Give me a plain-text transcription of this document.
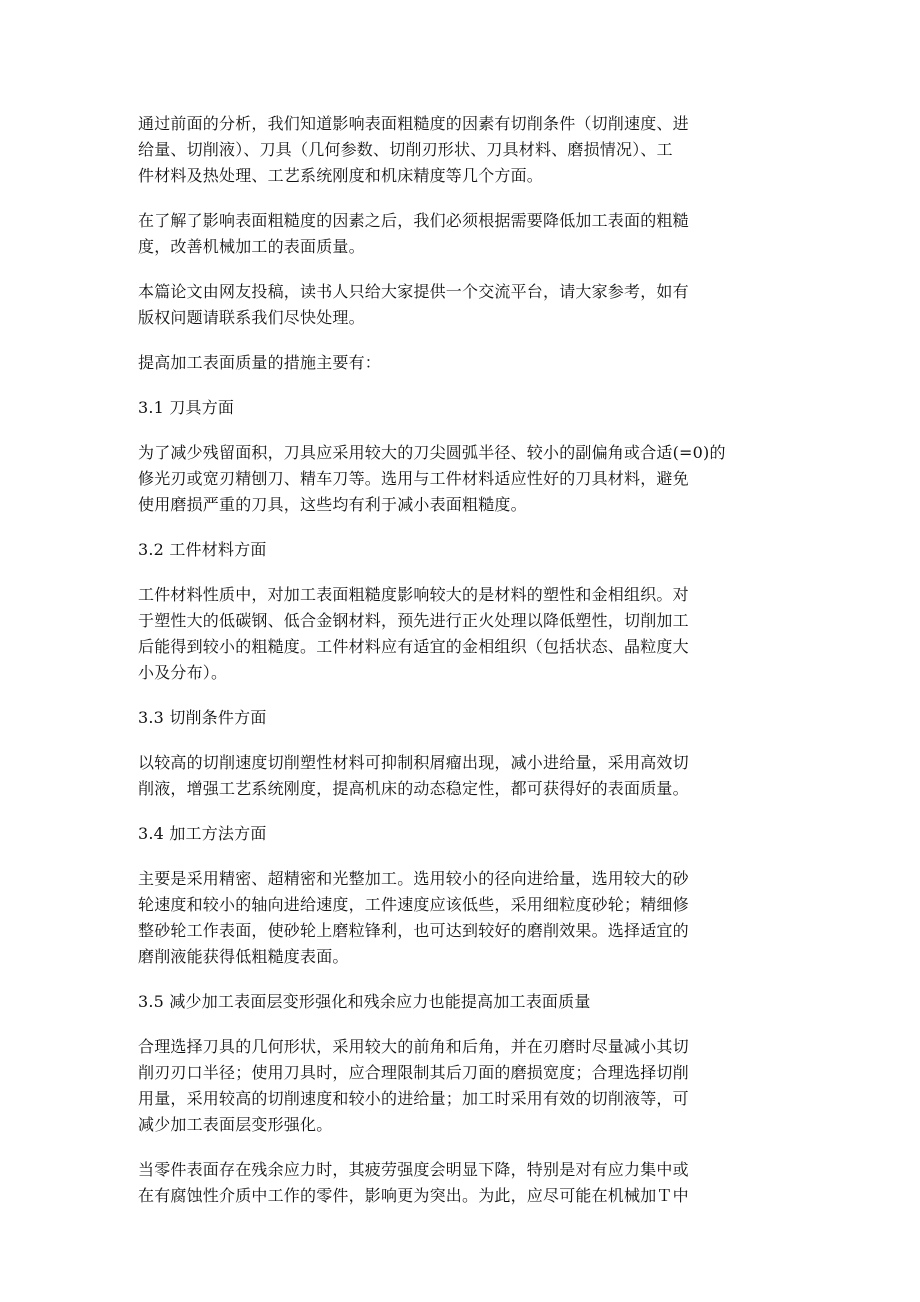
通过前面的分析，我们知道影响表面粗糙度的因素有切削条件（切削速度、进
给量、切削液）、刀具（几何参数、切削刃形状、刀具材料、磨损情况）、工
件材料及热处理、工艺系统刚度和机床精度等几个方面。
在了解了影响表面粗糙度的因素之后，我们必须根据需要降低加工表面的粗糙
度，改善机械加工的表面质量。
本篇论文由网友投稿，读书人只给大家提供一个交流平台，请大家参考，如有
版权问题请联系我们尽快处理。
提高加工表面质量的措施主要有：
3.1 刀具方面
为了减少残留面积，刀具应采用较大的刀尖圆弧半径、较小的副偏角或合适(=0)的
修光刃或宽刃精刨刀、精车刀等。选用与工件材料适应性好的刀具材料，避免
使用磨损严重的刀具，这些均有利于减小表面粗糙度。
3.2 工件材料方面
工件材料性质中，对加工表面粗糙度影响较大的是材料的塑性和金相组织。对
于塑性大的低碳钢、低合金钢材料，预先进行正火处理以降低塑性，切削加工
后能得到较小的粗糙度。工件材料应有适宜的金相组织（包括状态、晶粒度大
小及分布）。
3.3 切削条件方面
以较高的切削速度切削塑性材料可抑制积屑瘤出现，减小进给量，采用高效切
削液，增强工艺系统刚度，提高机床的动态稳定性，都可获得好的表面质量。
3.4 加工方法方面
主要是采用精密、超精密和光整加工。选用较小的径向进给量，选用较大的砂
轮速度和较小的轴向进给速度，工件速度应该低些，采用细粒度砂轮；精细修
整砂轮工作表面，使砂轮上磨粒锋利，也可达到较好的磨削效果。选择适宜的
磨削液能获得低粗糙度表面。
3.5 减少加工表面层变形强化和残余应力也能提高加工表面质量
合理选择刀具的几何形状，采用较大的前角和后角，并在刃磨时尽量减小其切
削刃刃口半径；使用刀具时，应合理限制其后刀面的磨损宽度；合理选择切削
用量，采用较高的切削速度和较小的进给量；加工时采用有效的切削液等，可
减少加工表面层变形强化。
当零件表面存在残余应力时，其疲劳强度会明显下降，特别是对有应力集中或
在有腐蚀性介质中工作的零件，影响更为突出。为此，应尽可能在机械加Ｔ中
